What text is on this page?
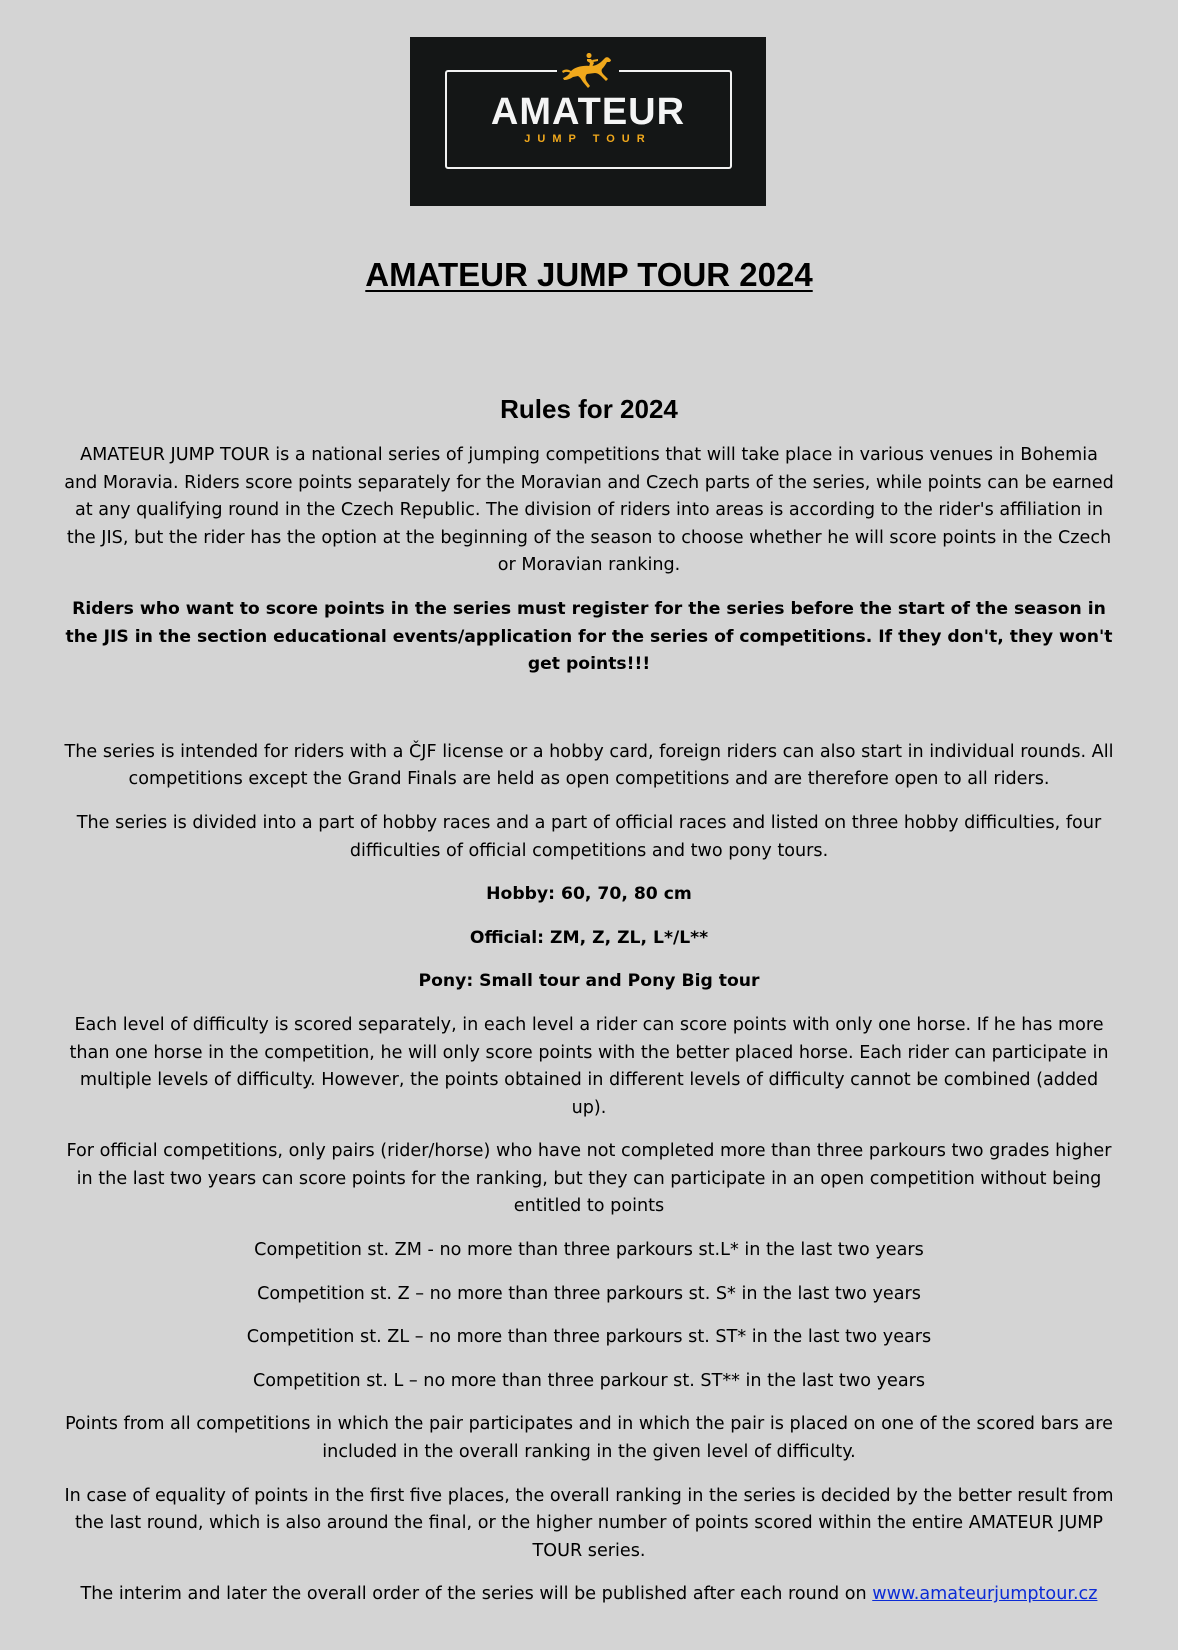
AMATEUR
JUMP TOUR
AMATEUR JUMP TOUR 2024
Rules for 2024

AMATEUR JUMP TOUR is a national series of jumping competitions that will take place in various venues in Bohemia and Moravia. Riders score points separately for the Moravian and Czech parts of the series, while points can be earned at any qualifying round in the Czech Republic. The division of riders into areas is according to the rider's affiliation in the JIS, but the rider has the option at the beginning of the season to choose whether he will score points in the Czech or Moravian ranking.

Riders who want to score points in the series must register for the series before the start of the season in the JIS in the section educational events/application for the series of competitions. If they don't, they won't get points!!!

The series is intended for riders with a ČJF license or a hobby card, foreign riders can also start in individual rounds. All competitions except the Grand Finals are held as open competitions and are therefore open to all riders.

The series is divided into a part of hobby races and a part of official races and listed on three hobby difficulties, four difficulties of official competitions and two pony tours.

Hobby: 60, 70, 80 cm

Official: ZM, Z, ZL, L*/L**

Pony: Small tour and Pony Big tour

Each level of difficulty is scored separately, in each level a rider can score points with only one horse. If he has more than one horse in the competition, he will only score points with the better placed horse. Each rider can participate in multiple levels of difficulty. However, the points obtained in different levels of difficulty cannot be combined (added up).

For official competitions, only pairs (rider/horse) who have not completed more than three parkours two grades higher in the last two years can score points for the ranking, but they can participate in an open competition without being entitled to points

Competition st. ZM - no more than three parkours st.L* in the last two years

Competition st. Z – no more than three parkours st. S* in the last two years

Competition st. ZL – no more than three parkours st. ST* in the last two years

Competition st. L – no more than three parkour st. ST** in the last two years

Points from all competitions in which the pair participates and in which the pair is placed on one of the scored bars are included in the overall ranking in the given level of difficulty.

In case of equality of points in the first five places, the overall ranking in the series is decided by the better result from the last round, which is also around the final, or the higher number of points scored within the entire AMATEUR JUMP TOUR series.

The interim and later the overall order of the series will be published after each round on www.amateurjumptour.cz
